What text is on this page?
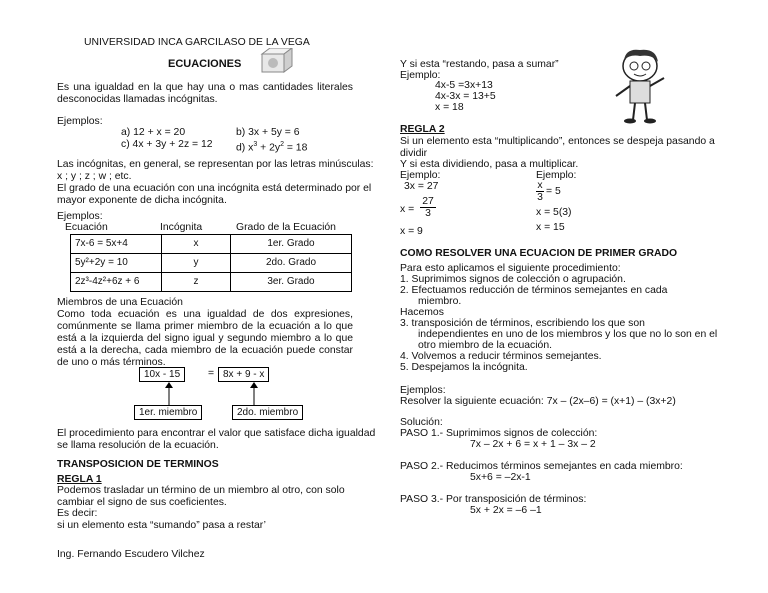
UNIVERSIDAD INCA GARCILASO DE LA VEGA
ECUACIONES
Es una igualdad en la que hay una o mas cantidades literales desconocidas llamadas incógnitas.
Ejemplos:
a) 12 + x = 20	b) 3x + 5y = 6
c) 4x + 3y + 2z = 12 d) $x^3 + 2y^2 = 18$
Las incógnitas, en general, se representan por las letras minúsculas:
x ; y ; z ; w ; etc.
El grado de una ecuación con una incógnita está determinado por el
mayor exponente de dicha incógnita.
Ejemplos:
Ecuación	Incógnita	Grado de la Ecuación
7x-6 = 5x+4	x	1er. Grado
5y²+2y = 10	y	2do. Grado
2z³-4z²+6z + 6	z	3er. Grado
Miembros de una Ecuación
Como toda ecuación es una igualdad de dos expresiones, comúnmente se llama primer miembro de la ecuación a lo que está a la izquierda del signo igual y segundo miembro a lo que está a la derecha, cada miembro de la ecuación puede constar de uno o más términos.
10x - 15	= 8x + 9 - x
1er. miembro	2do. miembro
El procedimiento para encontrar el valor que satisface dicha igualdad
se llama resolución de la ecuación.
TRANSPOSICION DE TERMINOS
REGLA 1
Podemos trasladar un término de un miembro al otro, con solo
cambiar el signo de sus coeficientes.
Es decir:
si un elemento esta “sumando” pasa a restar’
Ing. Fernando Escudero Vilchez
Y si esta “restando, pasa a sumar”
Ejemplo:
4x-5 =3x+13
4x-3x = 13+5
x = 18
REGLA 2
Si un elemento esta “multiplicando”, entonces se despeja pasando a
dividir
Y si esta dividiendo, pasa a multiplicar.
Ejemplo:	Ejemplo:
3x = 27
$x = \frac{27}{3}$
x = 9
$\frac{x}{3} = 5$
x = 5(3)
x = 15
COMO RESOLVER UNA ECUACION DE PRIMER GRADO
Para esto aplicamos el siguiente procedimiento:
1. Suprimimos signos de colección o agrupación.
2. Efectuamos reducción de términos semejantes en cada
miembro.
Hacemos
3. transposición de términos, escribiendo los que son
independientes en uno de los miembros y los que no lo son en el
otro miembro de la ecuación.
4. Volvemos a reducir términos semejantes.
5. Despejamos la incógnita.
Ejemplos:
Resolver la siguiente ecuación: 7x – (2x–6) = (x+1) – (3x+2)
Solución:
PASO 1.- Suprimimos signos de colección:
7x – 2x + 6 = x + 1 – 3x – 2
PASO 2.- Reducimos términos semejantes en cada miembro:
5x+6 = –2x-1
PASO 3.- Por transposición de términos:
5x + 2x = –6 –1
